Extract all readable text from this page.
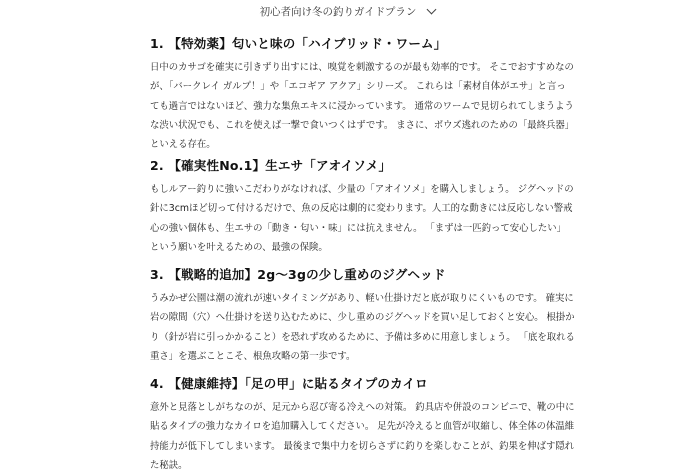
初心者向け冬の釣りガイドプラン
1. 【特効薬】匂いと味の「ハイブリッド・ワーム」

日中のカサゴを確実に引きずり出すには、嗅覚を刺激するのが最も効率的です。 そこでおすすめなのが、「バークレイ ガルプ！」や「エコギア アクア」シリーズ。 これらは「素材自体がエサ」と言っても過言ではないほど、強力な集魚エキスに浸かっています。 通常のワームで見切られてしまうような渋い状況でも、これを使えば一撃で食いつくはずです。 まさに、ボウズ逃れのための「最終兵器」といえる存在。

2. 【確実性No.1】生エサ「アオイソメ」

もしルアー釣りに強いこだわりがなければ、少量の「アオイソメ」を購入しましょう。 ジグヘッドの針に3cmほど切って付けるだけで、魚の反応は劇的に変わります。人工的な動きには反応しない警戒心の強い個体も、生エサの「動き・匂い・味」には抗えません。 「まずは一匹釣って安心したい」という願いを叶えるための、最強の保険。

3. 【戦略的追加】2g〜3gの少し重めのジグヘッド

うみかぜ公園は潮の流れが速いタイミングがあり、軽い仕掛けだと底が取りにくいものです。 確実に岩の隙間（穴）へ仕掛けを送り込むために、少し重めのジグヘッドを買い足しておくと安心。 根掛かり（針が岩に引っかかること）を恐れず攻めるために、予備は多めに用意しましょう。 「底を取れる重さ」を選ぶことこそ、根魚攻略の第一歩です。

4. 【健康維持】「足の甲」に貼るタイプのカイロ

意外と見落としがちなのが、足元から忍び寄る冷えへの対策。 釣具店や併設のコンビニで、靴の中に貼るタイプの強力なカイロを追加購入してください。 足先が冷えると血管が収縮し、体全体の体温維持能力が低下してしまいます。 最後まで集中力を切らさずに釣りを楽しむことが、釣果を伸ばす隠れた秘訣。
